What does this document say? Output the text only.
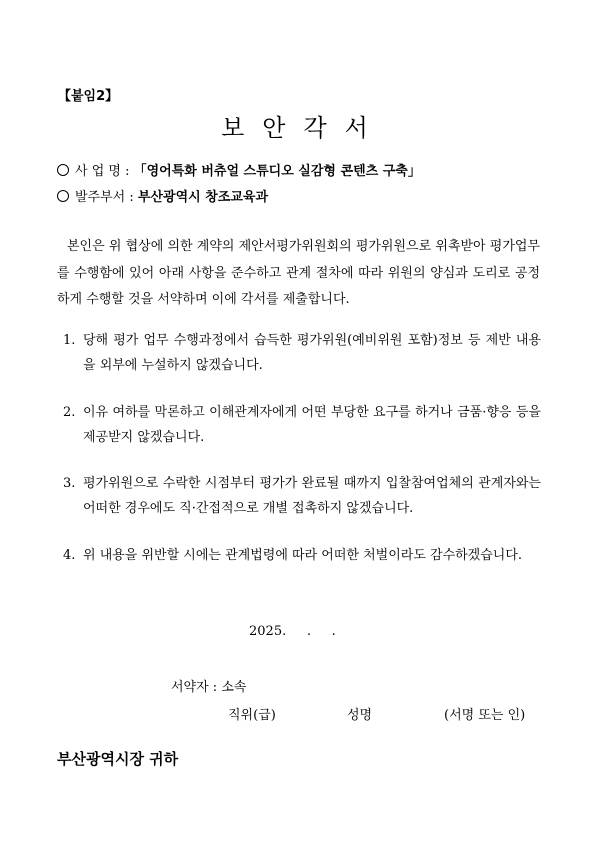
【붙임2】
보안각서
사 업 명 : 「영어특화 버츄얼 스튜디오 실감형 콘텐츠 구축」
발주부서 : 부산광역시 창조교육과
본인은 위 협상에 의한 계약의 제안서평가위원회의 평가위원으로 위촉받아 평가업무를 수행함에 있어 아래 사항을 준수하고 관계 절차에 따라 위원의 양심과 도리로 공정하게 수행할 것을 서약하며 이에 각서를 제출합니다.
1. 당해 평가 업무 수행과정에서 습득한 평가위원(예비위원 포함)정보 등 제반 내용을 외부에 누설하지 않겠습니다.
2. 이유 여하를 막론하고 이해관계자에게 어떤 부당한 요구를 하거나 금품·향응 등을 제공받지 않겠습니다.
3. 평가위원으로 수락한 시점부터 평가가 완료될 때까지 입찰참여업체의 관계자와는 어떠한 경우에도 직·간접적으로 개별 접촉하지 않겠습니다.
4. 위 내용을 위반할 시에는 관계법령에 따라 어떠한 처벌이라도 감수하겠습니다.
2025.     .     .
서약자 : 소속
직위(급)	성명	(서명 또는 인)
부산광역시장 귀하
